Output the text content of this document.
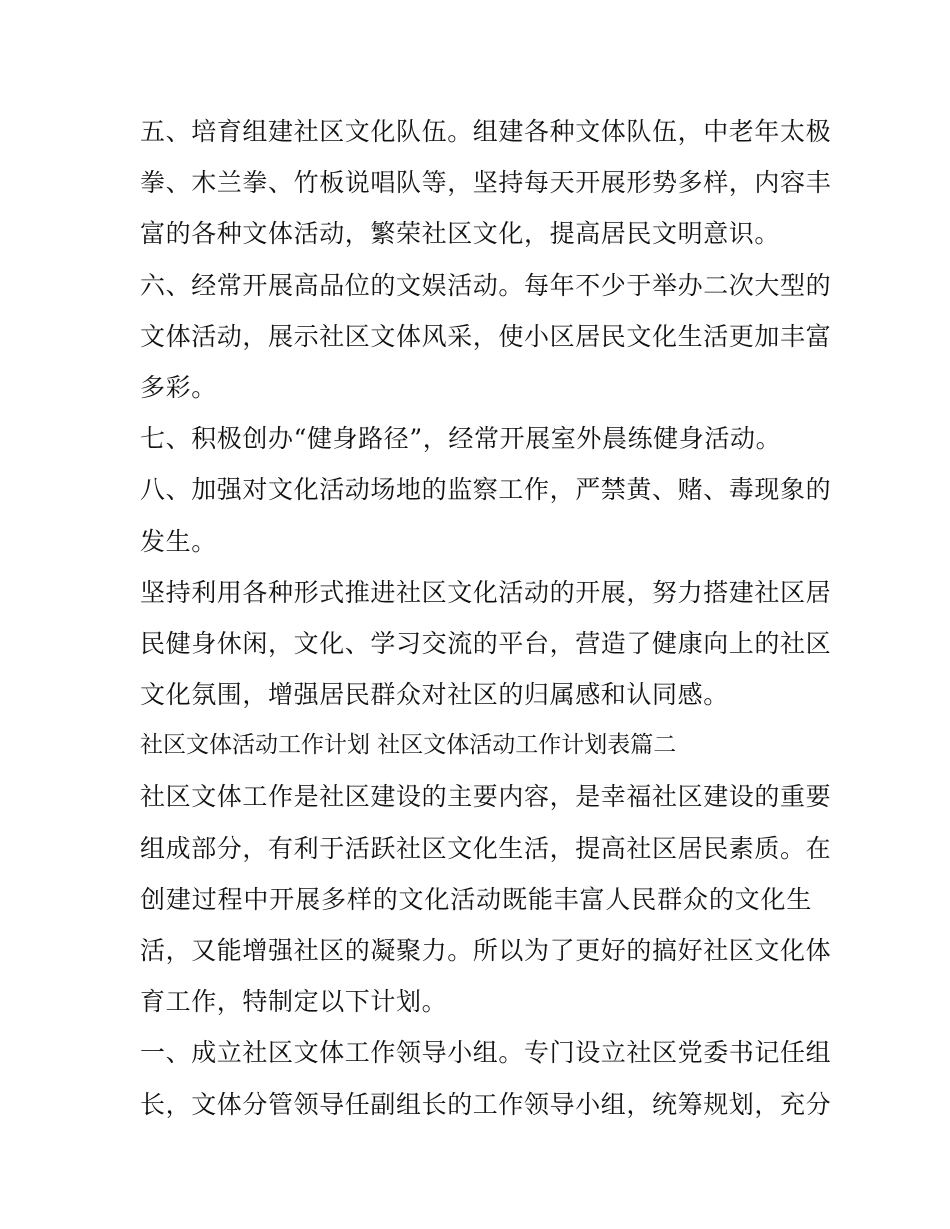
五、培育组建社区文化队伍。组建各种文体队伍，中老年太极
拳、木兰拳、竹板说唱队等，坚持每天开展形势多样，内容丰
富的各种文体活动，繁荣社区文化，提高居民文明意识。
六、经常开展高品位的文娱活动。每年不少于举办二次大型的
文体活动，展示社区文体风采，使小区居民文化生活更加丰富
多彩。
七、积极创办“健身路径”，经常开展室外晨练健身活动。
八、加强对文化活动场地的监察工作，严禁黄、赌、毒现象的
发生。
坚持利用各种形式推进社区文化活动的开展，努力搭建社区居
民健身休闲，文化、学习交流的平台，营造了健康向上的社区
文化氛围，增强居民群众对社区的归属感和认同感。
社区文体活动工作计划 社区文体活动工作计划表篇二
社区文体工作是社区建设的主要内容，是幸福社区建设的重要
组成部分，有利于活跃社区文化生活，提高社区居民素质。在
创建过程中开展多样的文化活动既能丰富人民群众的文化生
活，又能增强社区的凝聚力。所以为了更好的搞好社区文化体
育工作，特制定以下计划。
一、成立社区文体工作领导小组。专门设立社区党委书记任组
长，文体分管领导任副组长的工作领导小组，统筹规划，充分
